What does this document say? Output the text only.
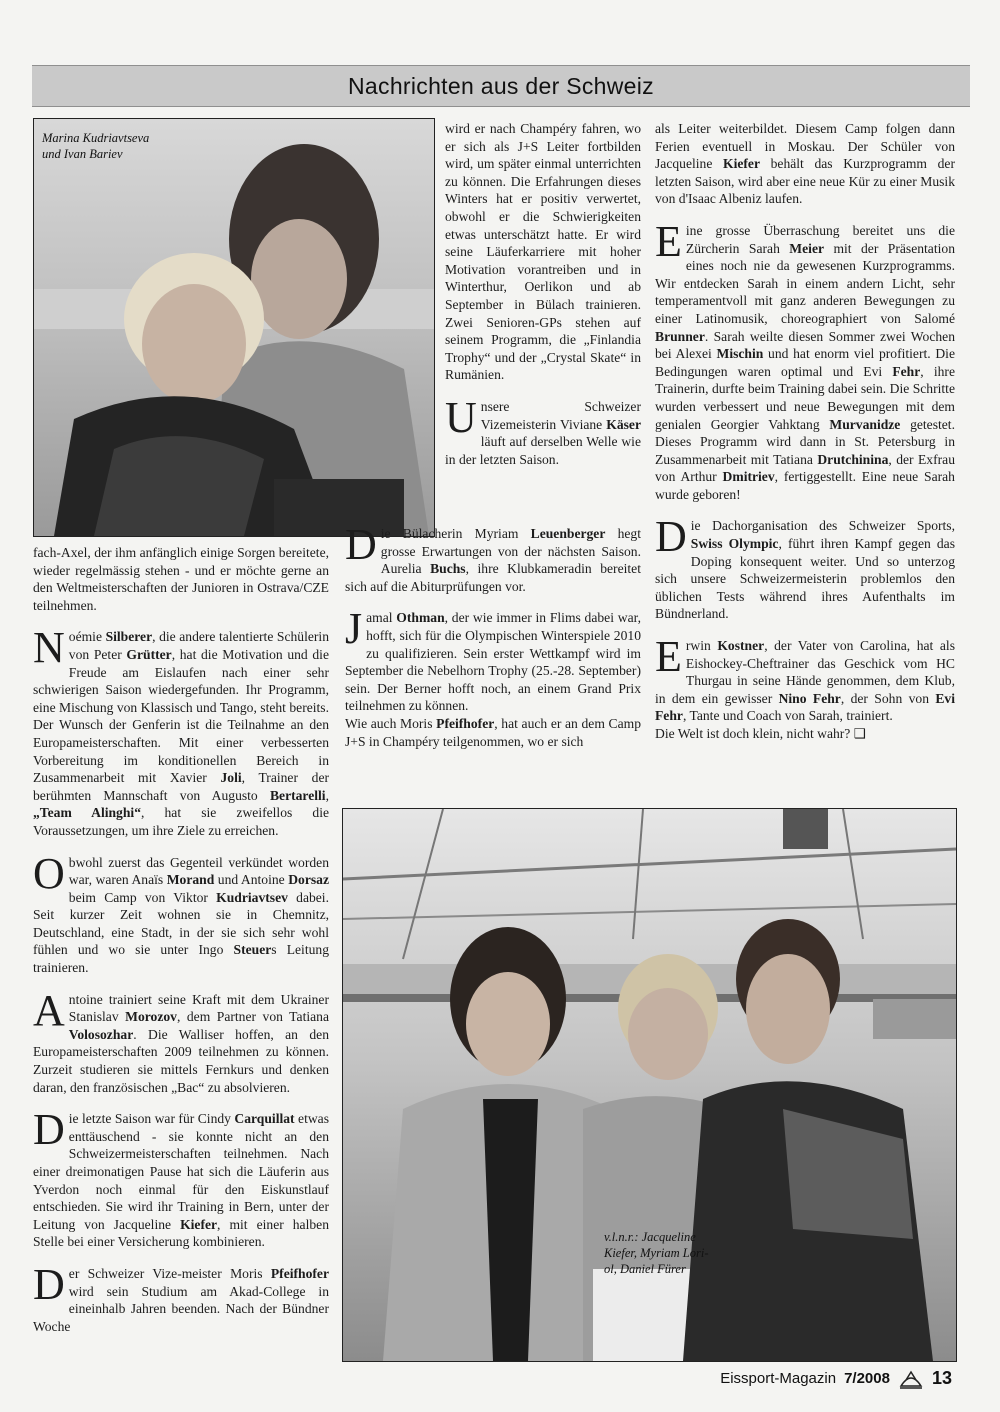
Nachrichten aus der Schweiz
Marina Kudriavtseva
und Ivan Bariev

fach-Axel, der ihm anfänglich einige Sorgen bereitete, wieder regelmässig stehen - und er möchte gerne an den Weltmeisterschaften der Junioren in Ostrava/CZE teilnehmen.

Noémie Silberer, die andere talentierte Schülerin von Peter Grütter, hat die Motivation und die Freude am Eislaufen nach einer sehr schwierigen Saison wiedergefunden. Ihr Programm, eine Mischung von Klassisch und Tango, steht bereits. Der Wunsch der Genferin ist die Teilnahme an den Europameisterschaften. Mit einer verbesserten Vorbereitung im konditionellen Bereich in Zusammenarbeit mit Xavier Joli, Trainer der berühmten Mannschaft von Augusto Bertarelli, „Team Alinghi“, hat sie zweifellos die Voraussetzungen, um ihre Ziele zu erreichen.

Obwohl zuerst das Gegenteil verkündet worden war, waren Anaïs Morand und Antoine Dorsaz beim Camp von Viktor Kudriavtsev dabei. Seit kurzer Zeit wohnen sie in Chemnitz, Deutschland, eine Stadt, in der sie sich sehr wohl fühlen und wo sie unter Ingo Steuers Leitung trainieren.

Antoine trainiert seine Kraft mit dem Ukrainer Stanislav Morozov, dem Partner von Tatiana Volosozhar. Die Walliser hoffen, an den Europameisterschaften 2009 teilnehmen zu können. Zurzeit studieren sie mittels Fernkurs und denken daran, den französischen „Bac“ zu absolvieren.

Die letzte Saison war für Cindy Carquillat etwas enttäuschend - sie konnte nicht an den Schweizermeisterschaften teilnehmen. Nach einer dreimonatigen Pause hat sich die Läuferin aus Yverdon noch einmal für den Eiskunstlauf entschieden. Sie wird ihr Training in Bern, unter der Leitung von Jacqueline Kiefer, mit einer halben Stelle bei einer Versicherung kombinieren.

Der Schweizer Vize-meister Moris Pfeifhofer wird sein Studium am Akad-College in eineinhalb Jahren beenden. Nach der Bündner Woche

wird er nach Champéry fahren, wo er sich als J+S Leiter fortbilden wird, um später einmal unterrichten zu können. Die Erfahrungen dieses Winters hat er positiv verwertet, obwohl er die Schwierigkeiten etwas unterschätzt hatte. Er wird seine Läuferkarriere mit hoher Motivation vorantreiben und in Winterthur, Oerlikon und ab September in Bülach trainieren. Zwei Senioren-GPs stehen auf seinem Programm, die „Finlandia Trophy“ und der „Crystal Skate“ in Rumänien.

Unsere Schweizer Vizemeisterin Viviane Käser läuft auf derselben Welle wie in der letzten Saison.

Die Bülacherin Myriam Leuenberger hegt grosse Erwartungen von der nächsten Saison. Aurelia Buchs, ihre Klubkameradin bereitet sich auf die Abiturprüfungen vor.

Jamal Othman, der wie immer in Flims dabei war, hofft, sich für die Olympischen Winterspiele 2010 zu qualifizieren. Sein erster Wettkampf wird im September die Nebelhorn Trophy (25.-28. September) sein. Der Berner hofft noch, an einem Grand Prix teilnehmen zu können.

Wie auch Moris Pfeifhofer, hat auch er an dem Camp J+S in Champéry teilgenommen, wo er sich

als Leiter weiterbildet. Diesem Camp folgen dann Ferien eventuell in Moskau. Der Schüler von Jacqueline Kiefer behält das Kurzprogramm der letzten Saison, wird aber eine neue Kür zu einer Musik von d'Isaac Albeniz laufen.

Eine grosse Überraschung bereitet uns die Zürcherin Sarah Meier mit der Präsentation eines noch nie da gewesenen Kurzprogramms. Wir entdecken Sarah in einem andern Licht, sehr temperamentvoll mit ganz anderen Bewegungen zu einer Latinomusik, choreographiert von Salomé Brunner. Sarah weilte diesen Sommer zwei Wochen bei Alexei Mischin und hat enorm viel profitiert. Die Bedingungen waren optimal und Evi Fehr, ihre Trainerin, durfte beim Training dabei sein. Die Schritte wurden verbessert und neue Bewegungen mit dem genialen Georgier Vahktang Murvanidze getestet. Dieses Programm wird dann in St. Petersburg in Zusammenarbeit mit Tatiana Drutchinina, der Exfrau von Arthur Dmitriev, fertiggestellt. Eine neue Sarah wurde geboren!

Die Dachorganisation des Schweizer Sports, Swiss Olympic, führt ihren Kampf gegen das Doping konsequent weiter. Und so unterzog sich unsere Schweizermeisterin problemlos den üblichen Tests während ihres Aufenthalts im Bündnerland.

Erwin Kostner, der Vater von Carolina, hat als Eishockey-Cheftrainer das Geschick vom HC Thurgau in seine Hände genommen, dem Klub, in dem ein gewisser Nino Fehr, der Sohn von Evi Fehr, Tante und Coach von Sarah, trainiert.
Die Welt ist doch klein, nicht wahr? ❑

v.l.n.r.: Jacqueline
Kiefer, Myriam Lori-
ol, Daniel Fürer
Eissport-Magazin 7/2008 13
